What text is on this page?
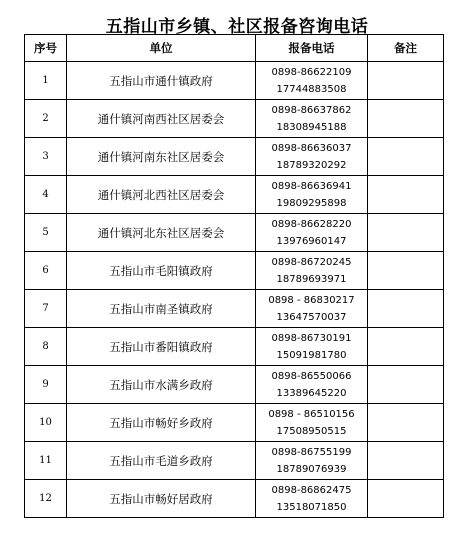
五指山市乡镇、社区报备咨询电话
序号	单位	报备电话	备注
1	五指山市通什镇政府	0898-86622109
17744883508	

2	通什镇河南西社区居委会	0898-86637862
18308945188	

3	通什镇河南东社区居委会	0898-86636037
18789320292	

4	通什镇河北西社区居委会	0898-86636941
19809295898	

5	通什镇河北东社区居委会	0898-86628220
13976960147	

6	五指山市毛阳镇政府	0898-86720245
18789693971	

7	五指山市南圣镇政府	0898 - 86830217
13647570037	

8	五指山市番阳镇政府	0898-86730191
15091981780	

9	五指山市水满乡政府	0898-86550066
13389645220	

10	五指山市畅好乡政府	0898 - 86510156
17508950515	

11	五指山市毛道乡政府	0898-86755199
18789076939	

12	五指山市畅好居政府	0898-86862475
13518071850	
